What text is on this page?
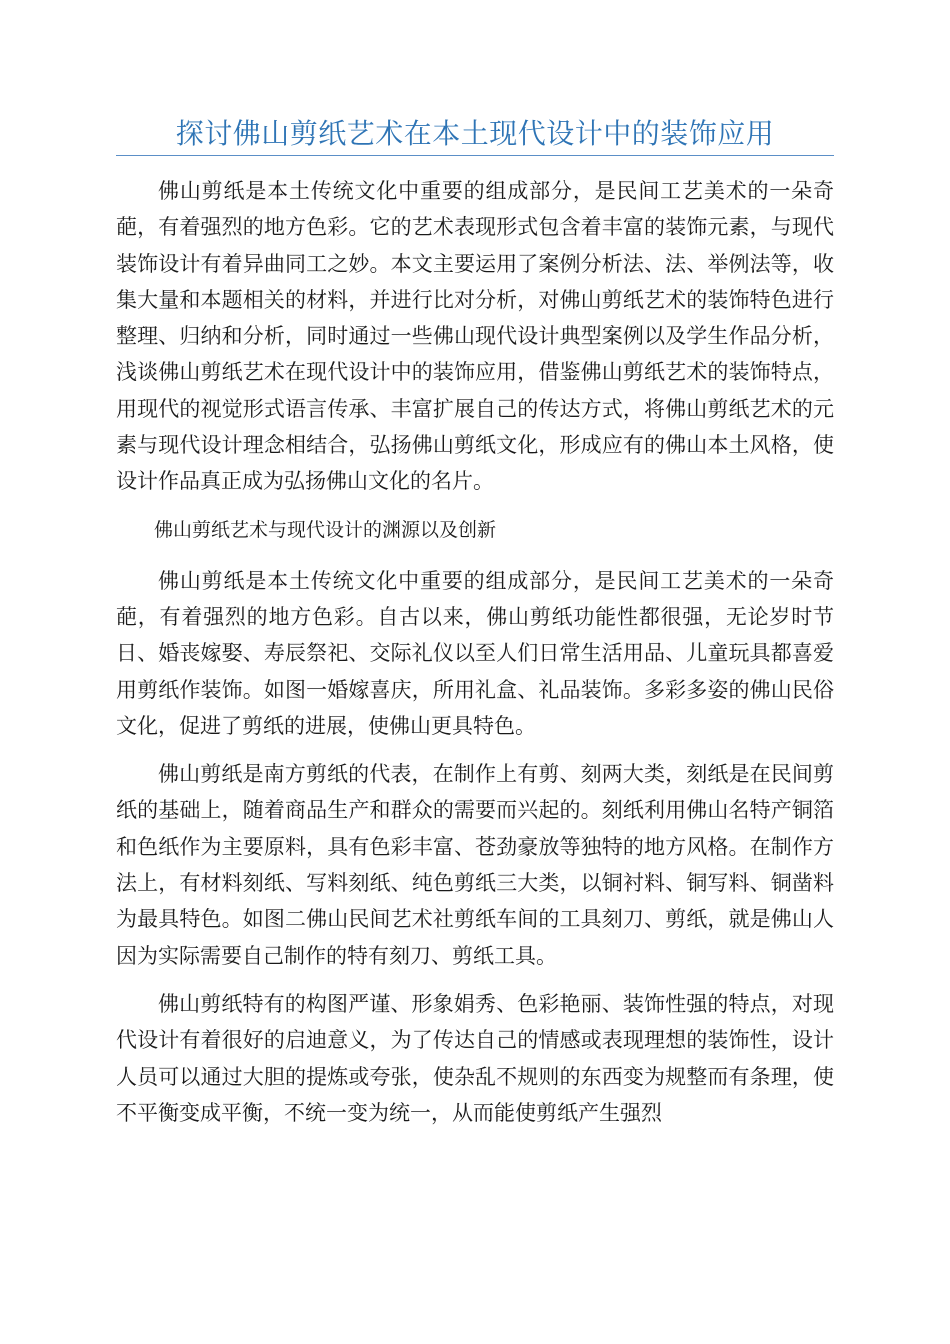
探讨佛山剪纸艺术在本土现代设计中的装饰应用

佛山剪纸是本土传统文化中重要的组成部分，是民间工艺美术的一朵奇葩，有着强烈的地方色彩。它的艺术表现形式包含着丰富的装饰元素，与现代装饰设计有着异曲同工之妙。本文主要运用了案例分析法、法、举例法等，收集大量和本题相关的材料，并进行比对分析，对佛山剪纸艺术的装饰特色进行整理、归纳和分析，同时通过一些佛山现代设计典型案例以及学生作品分析，浅谈佛山剪纸艺术在现代设计中的装饰应用，借鉴佛山剪纸艺术的装饰特点，用现代的视觉形式语言传承、丰富扩展自己的传达方式，将佛山剪纸艺术的元素与现代设计理念相结合，弘扬佛山剪纸文化，形成应有的佛山本土风格，使设计作品真正成为弘扬佛山文化的名片。

佛山剪纸艺术与现代设计的渊源以及创新

佛山剪纸是本土传统文化中重要的组成部分，是民间工艺美术的一朵奇葩，有着强烈的地方色彩。自古以来，佛山剪纸功能性都很强，无论岁时节日、婚丧嫁娶、寿辰祭祀、交际礼仪以至人们日常生活用品、儿童玩具都喜爱用剪纸作装饰。如图一婚嫁喜庆，所用礼盒、礼品装饰。多彩多姿的佛山民俗文化，促进了剪纸的进展，使佛山更具特色。

佛山剪纸是南方剪纸的代表，在制作上有剪、刻两大类，刻纸是在民间剪纸的基础上，随着商品生产和群众的需要而兴起的。刻纸利用佛山名特产铜箔和色纸作为主要原料，具有色彩丰富、苍劲豪放等独特的地方风格。在制作方法上，有材料刻纸、写料刻纸、纯色剪纸三大类，以铜衬料、铜写料、铜凿料为最具特色。如图二佛山民间艺术社剪纸车间的工具刻刀、剪纸，就是佛山人因为实际需要自己制作的特有刻刀、剪纸工具。

佛山剪纸特有的构图严谨、形象娟秀、色彩艳丽、装饰性强的特点，对现代设计有着很好的启迪意义，为了传达自己的情感或表现理想的装饰性，设计人员可以通过大胆的提炼或夸张，使杂乱不规则的东西变为规整而有条理，使不平衡变成平衡，不统一变为统一，从而能使剪纸产生强烈
